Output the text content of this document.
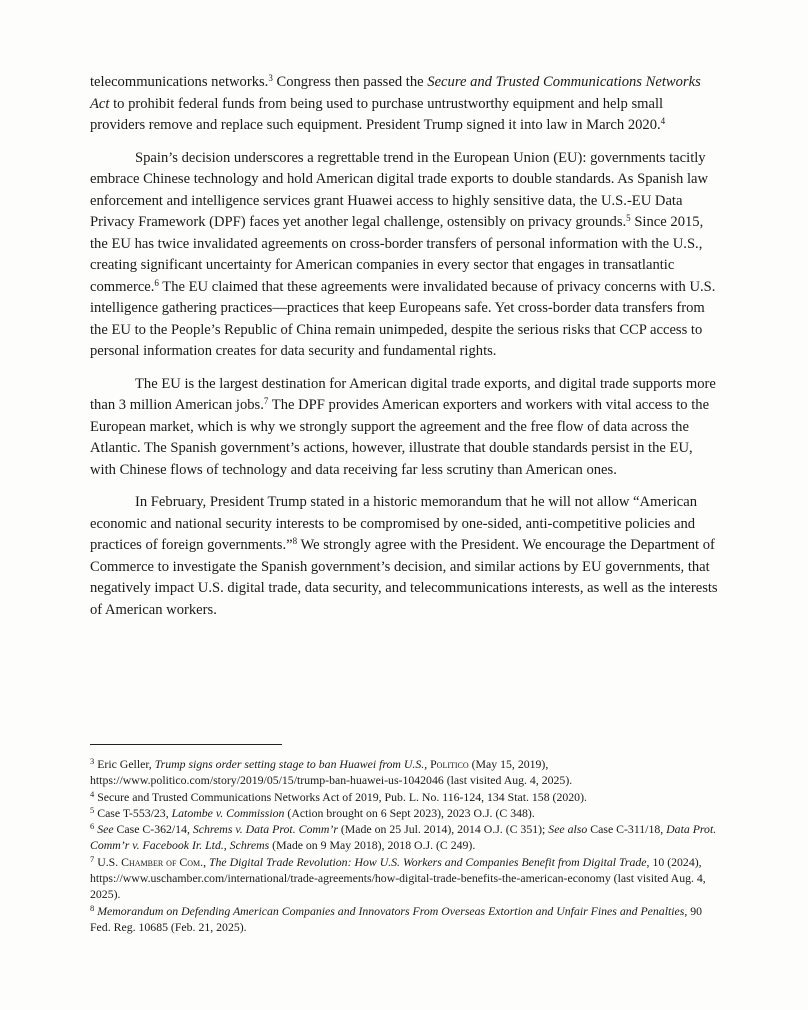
telecommunications networks.$^3$ Congress then passed the Secure and Trusted Communications Networks Act to prohibit federal funds from being used to purchase untrustworthy equipment and help small providers remove and replace such equipment. President Trump signed it into law in March 2020.$^4$

Spain’s decision underscores a regrettable trend in the European Union (EU): governments tacitly embrace Chinese technology and hold American digital trade exports to double standards. As Spanish law enforcement and intelligence services grant Huawei access to highly sensitive data, the U.S.-EU Data Privacy Framework (DPF) faces yet another legal challenge, ostensibly on privacy grounds.$^5$ Since 2015, the EU has twice invalidated agreements on cross-border transfers of personal information with the U.S., creating significant uncertainty for American companies in every sector that engages in transatlantic commerce.$^6$ The EU claimed that these agreements were invalidated because of privacy concerns with U.S. intelligence gathering practices—practices that keep Europeans safe. Yet cross-border data transfers from the EU to the People’s Republic of China remain unimpeded, despite the serious risks that CCP access to personal information creates for data security and fundamental rights.

The EU is the largest destination for American digital trade exports, and digital trade supports more than 3 million American jobs.$^7$ The DPF provides American exporters and workers with vital access to the European market, which is why we strongly support the agreement and the free flow of data across the Atlantic. The Spanish government’s actions, however, illustrate that double standards persist in the EU, with Chinese flows of technology and data receiving far less scrutiny than American ones.

In February, President Trump stated in a historic memorandum that he will not allow “American economic and national security interests to be compromised by one-sided, anti-competitive policies and practices of foreign governments.”$^8$ We strongly agree with the President. We encourage the Department of Commerce to investigate the Spanish government’s decision, and similar actions by EU governments, that negatively impact U.S. digital trade, data security, and telecommunications interests, as well as the interests of American workers.

$^3$ Eric Geller, Trump signs order setting stage to ban Huawei from U.S., Politico (May 15, 2019), https://www.politico.com/story/2019/05/15/trump-ban-huawei-us-1042046 (last visited Aug. 4, 2025).

$^4$ Secure and Trusted Communications Networks Act of 2019, Pub. L. No. 116-124, 134 Stat. 158 (2020).

$^5$ Case T-553/23, Latombe v. Commission (Action brought on 6 Sept 2023), 2023 O.J. (C 348).

$^6$ See Case C-362/14, Schrems v. Data Prot. Comm’r (Made on 25 Jul. 2014), 2014 O.J. (C 351); See also Case C-311/18, Data Prot. Comm’r v. Facebook Ir. Ltd., Schrems (Made on 9 May 2018), 2018 O.J. (C 249).

$^7$ U.S. Chamber of Com., The Digital Trade Revolution: How U.S. Workers and Companies Benefit from Digital Trade, 10 (2024), https://www.uschamber.com/international/trade-agreements/how-digital-trade-benefits-the-american-economy (last visited Aug. 4, 2025).

$^8$ Memorandum on Defending American Companies and Innovators From Overseas Extortion and Unfair Fines and Penalties, 90 Fed. Reg. 10685 (Feb. 21, 2025).
